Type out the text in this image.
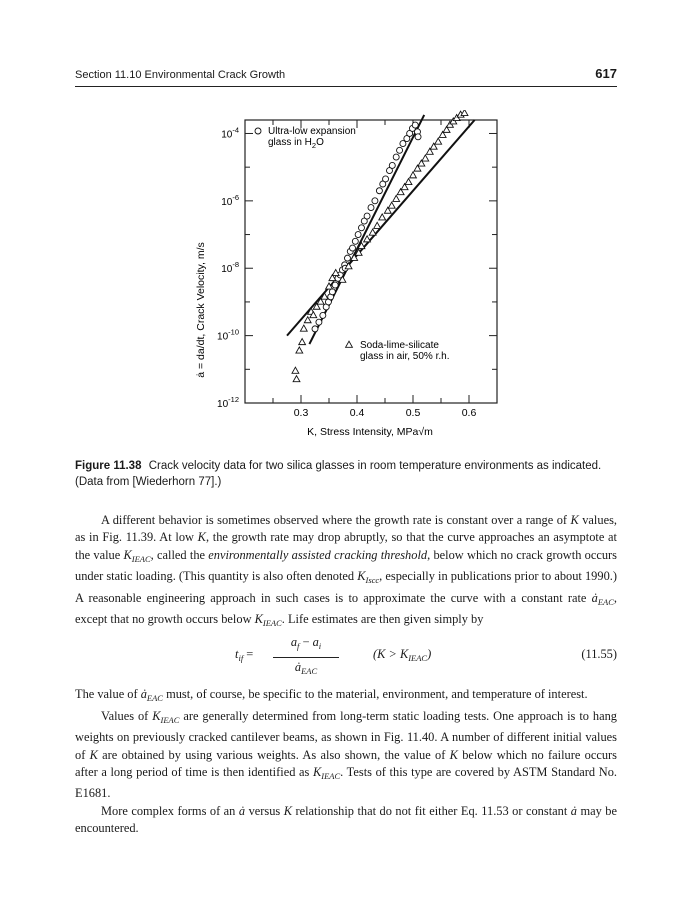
Section 11.10 Environmental Crack Growth	617
0.3	0.4	0.5	0.6
$10^{-4}$
$10^{-6}$
$10^{-8}$
$10^{-10}$
$10^{-12}$
Ultra-low expansion
glass in $H_2O$
Soda-lime-silicate
glass in air, 50% r.h.
K, Stress Intensity, MPa√m
ȧ = da/dt, Crack Velocity, m/s
Figure 11.38 Crack velocity data for two silica glasses in room temperature environments as indicated. (Data from [Wiederhorn 77].)

A different behavior is sometimes observed where the growth rate is constant over a range of K values, as in Fig. 11.39. At low K, the growth rate may drop abruptly, so that the curve approaches an asymptote at the value $K_{IEAC}$, called the environmentally assisted cracking threshold, below which no crack growth occurs under static loading. (This quantity is also often denoted $K_{Iscc}$, especially in publications prior to about 1990.) A reasonable engineering approach in such cases is to approximate the curve with a constant rate $ȧ_{EAC}$, except that no growth occurs below $K_{IEAC}$. Life estimates are then given simply by

$t_{if}$ =
$a_f - a_i$
$ȧ_{EAC}$
$(K > K_{IEAC})$	(11.55)

The value of $ȧ_{EAC}$ must, of course, be specific to the material, environment, and temperature of interest.

Values of $K_{IEAC}$ are generally determined from long-term static loading tests. One approach is to hang weights on previously cracked cantilever beams, as shown in Fig. 11.40. A number of different initial values of K are obtained by using various weights. As also shown, the value of K below which no failure occurs after a long period of time is then identified as $K_{IEAC}$. Tests of this type are covered by ASTM Standard No. E1681.

More complex forms of an ȧ versus K relationship that do not fit either Eq. 11.53 or constant ȧ may be encountered.
